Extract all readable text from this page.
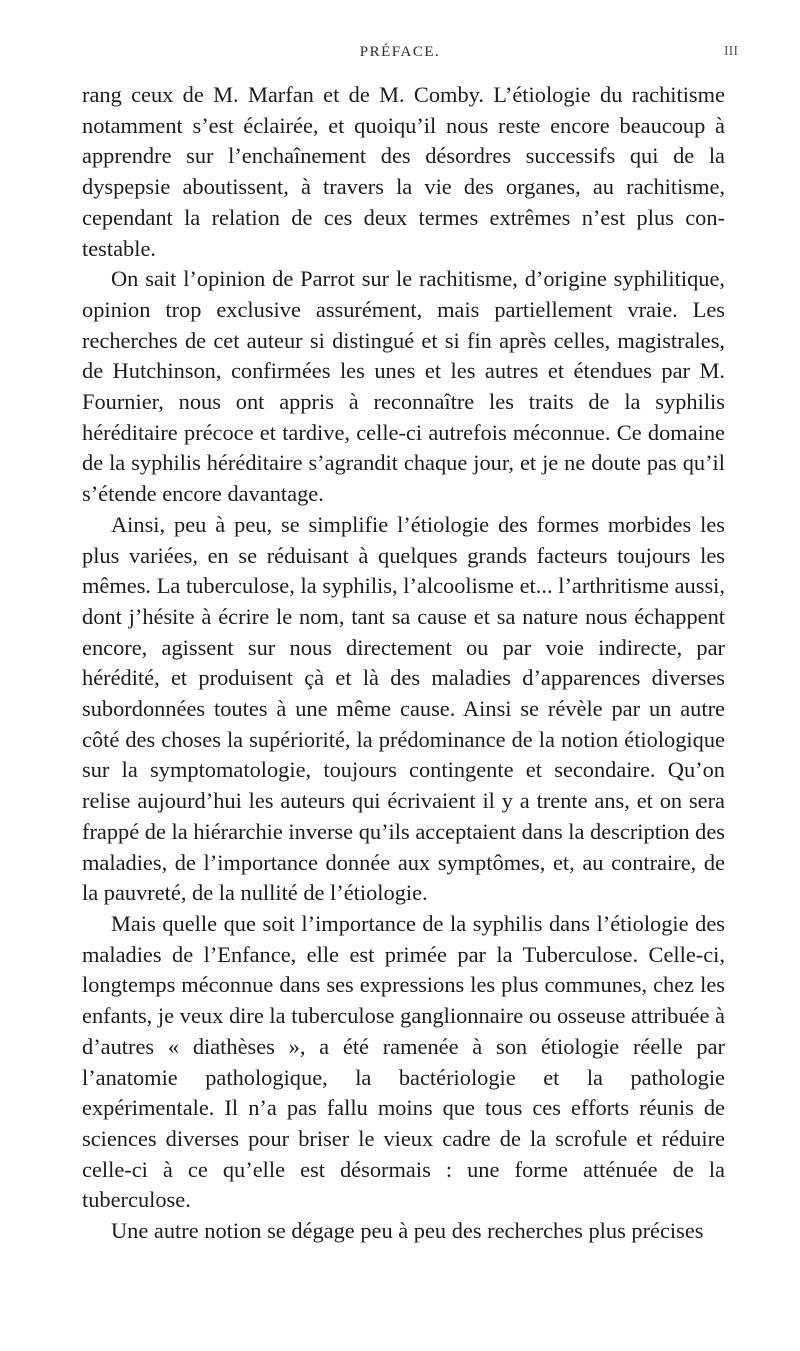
PRÉFACE.	III

rang ceux de M. Marfan et de M. Comby. L’étiologie du rachitisme notamment s’est éclairée, et quoiqu’il nous reste encore beaucoup à apprendre sur l’enchaînement des désordres successifs qui de la dyspepsie aboutissent, à travers la vie des organes, au rachitisme, cependant la relation de ces deux termes extrêmes n’est plus contestable.

On sait l’opinion de Parrot sur le rachitisme, d’origine syphilitique, opinion trop exclusive assurément, mais partiellement vraie. Les recherches de cet auteur si distingué et si fin après celles, magistrales, de Hutchinson, confirmées les unes et les autres et étendues par M. Fournier, nous ont appris à reconnaître les traits de la syphilis héréditaire précoce et tardive, celle-ci autrefois méconnue. Ce domaine de la syphilis héréditaire s’agrandit chaque jour, et je ne doute pas qu’il s’étende encore davantage.

Ainsi, peu à peu, se simplifie l’étiologie des formes morbides les plus variées, en se réduisant à quelques grands facteurs toujours les mêmes. La tuberculose, la syphilis, l’alcoolisme et... l’arthritisme aussi, dont j’hésite à écrire le nom, tant sa cause et sa nature nous échappent encore, agissent sur nous directement ou par voie indirecte, par hérédité, et produisent çà et là des maladies d’apparences diverses subordonnées toutes à une même cause. Ainsi se révèle par un autre côté des choses la supériorité, la prédominance de la notion étiologique sur la symptomatologie, toujours contingente et secondaire. Qu’on relise aujourd’hui les auteurs qui écrivaient il y a trente ans, et on sera frappé de la hiérarchie inverse qu’ils acceptaient dans la description des maladies, de l’importance donnée aux symptômes, et, au contraire, de la pauvreté, de la nullité de l’étiologie.

Mais quelle que soit l’importance de la syphilis dans l’étiologie des maladies de l’Enfance, elle est primée par la Tuberculose. Celle-ci, longtemps méconnue dans ses expressions les plus communes, chez les enfants, je veux dire la tuberculose ganglionnaire ou osseuse attribuée à d’autres « diathèses », a été ramenée à son étiologie réelle par l’anatomie pathologique, la bactériologie et la pathologie expérimentale. Il n’a pas fallu moins que tous ces efforts réunis de sciences diverses pour briser le vieux cadre de la scrofule et réduire celle-ci à ce qu’elle est désormais : une forme atténuée de la tuberculose.

Une autre notion se dégage peu à peu des recherches plus précises
